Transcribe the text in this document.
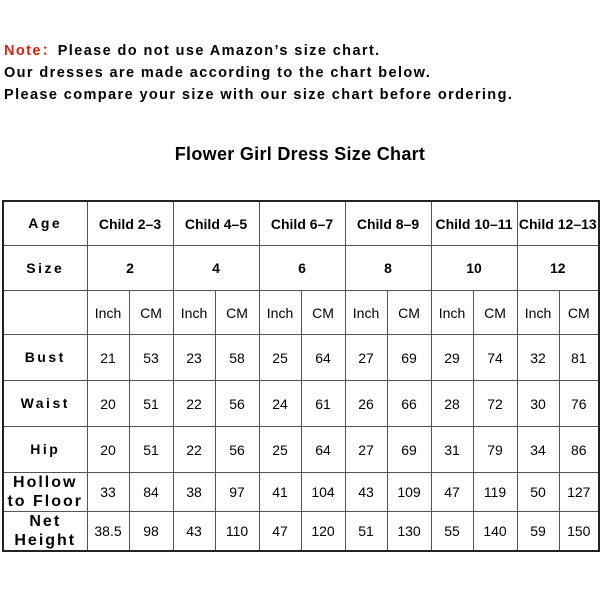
Note：Please do not use Amazon’s size chart.
Our dresses are made according to the chart below.
Please compare your size with our size chart before ordering.
Flower Girl Dress Size Chart
Age	Child 2–3		Child 4–5		Child 6–7		Child 8–9		Child 10–11		Child 12–13	
Size	2		4		6		8		10		12	
	Inch	CM	Inch	CM	Inch	CM	Inch	CM	Inch	CM	Inch	CM
Bust	21	53	23	58	25	64	27	69	29	74	32	81
Waist	20	51	22	56	24	61	26	66	28	72	30	76
Hip	20	51	22	56	25	64	27	69	31	79	34	86
Hollow
to Floor	33	84	38	97	41	104	43	109	47	119	50	127
Net
Height	38.5	98	43	110	47	120	51	130	55	140	59	150
